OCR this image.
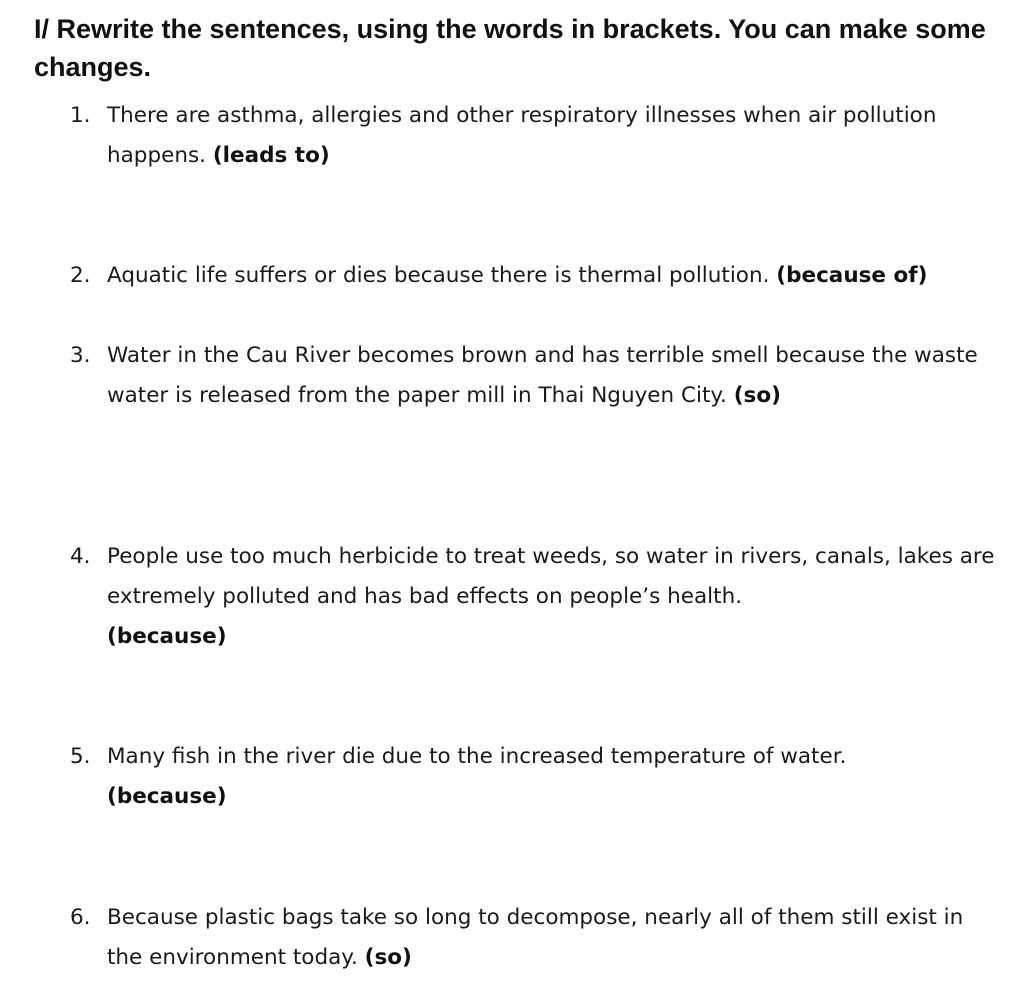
I/ Rewrite the sentences, using the words in brackets. You can make some changes.
1. There are asthma, allergies and other respiratory illnesses when air pollution happens. (leads to)
2. Aquatic life suffers or dies because there is thermal pollution. (because of)
3. Water in the Cau River becomes brown and has terrible smell because the waste water is released from the paper mill in Thai Nguyen City. (so)
4. People use too much herbicide to treat weeds, so water in rivers, canals, lakes are extremely polluted and has bad effects on people’s health.
(because)
5. Many fish in the river die due to the increased temperature of water.
(because)
6. Because plastic bags take so long to decompose, nearly all of them still exist in the environment today. (so)
